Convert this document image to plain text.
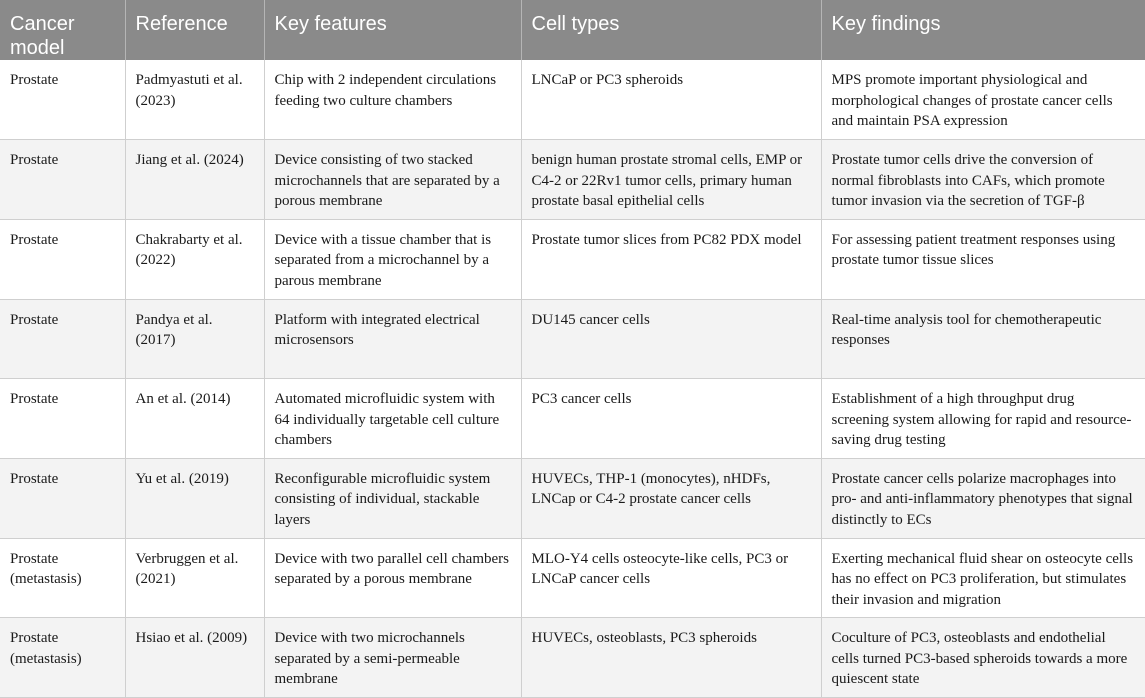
Cancer model	Reference	Key features	Cell types	Key findings
Prostate	Padmyastuti et al. (2023)	Chip with 2 independent circulations feeding two culture chambers	LNCaP or PC3 spheroids	MPS promote important physiological and morphological changes of prostate cancer cells and maintain PSA expression
Prostate	Jiang et al. (2024)	Device consisting of two stacked microchannels that are separated by a porous membrane	benign human prostate stromal cells, EMP or C4-2 or 22Rv1 tumor cells, primary human prostate basal epithelial cells	Prostate tumor cells drive the conversion of normal fibroblasts into CAFs, which promote tumor invasion via the secretion of TGF-β
Prostate	Chakrabarty et al. (2022)	Device with a tissue chamber that is separated from a microchannel by a parous membrane	Prostate tumor slices from PC82 PDX model	For assessing patient treatment responses using prostate tumor tissue slices
Prostate	Pandya et al. (2017)	Platform with integrated electrical microsensors	DU145 cancer cells	Real-time analysis tool for chemotherapeutic responses
Prostate	An et al. (2014)	Automated microfluidic system with 64 individually targetable cell culture chambers	PC3 cancer cells	Establishment of a high throughput drug screening system allowing for rapid and resource-saving drug testing
Prostate	Yu et al. (2019)	Reconfigurable microfluidic system consisting of individual, stackable layers	HUVECs, THP-1 (monocytes), nHDFs, LNCap or C4-2 prostate cancer cells	Prostate cancer cells polarize macrophages into pro- and anti-inflammatory phenotypes that signal distinctly to ECs
Prostate (metastasis)	Verbruggen et al. (2021)	Device with two parallel cell chambers separated by a porous membrane	MLO-Y4 cells osteocyte-like cells, PC3 or LNCaP cancer cells	Exerting mechanical fluid shear on osteocyte cells has no effect on PC3 proliferation, but stimulates their invasion and migration
Prostate (metastasis)	Hsiao et al. (2009)	Device with two microchannels separated by a semi-permeable membrane	HUVECs, osteoblasts, PC3 spheroids	Coculture of PC3, osteoblasts and endothelial cells turned PC3-based spheroids towards a more quiescent state
